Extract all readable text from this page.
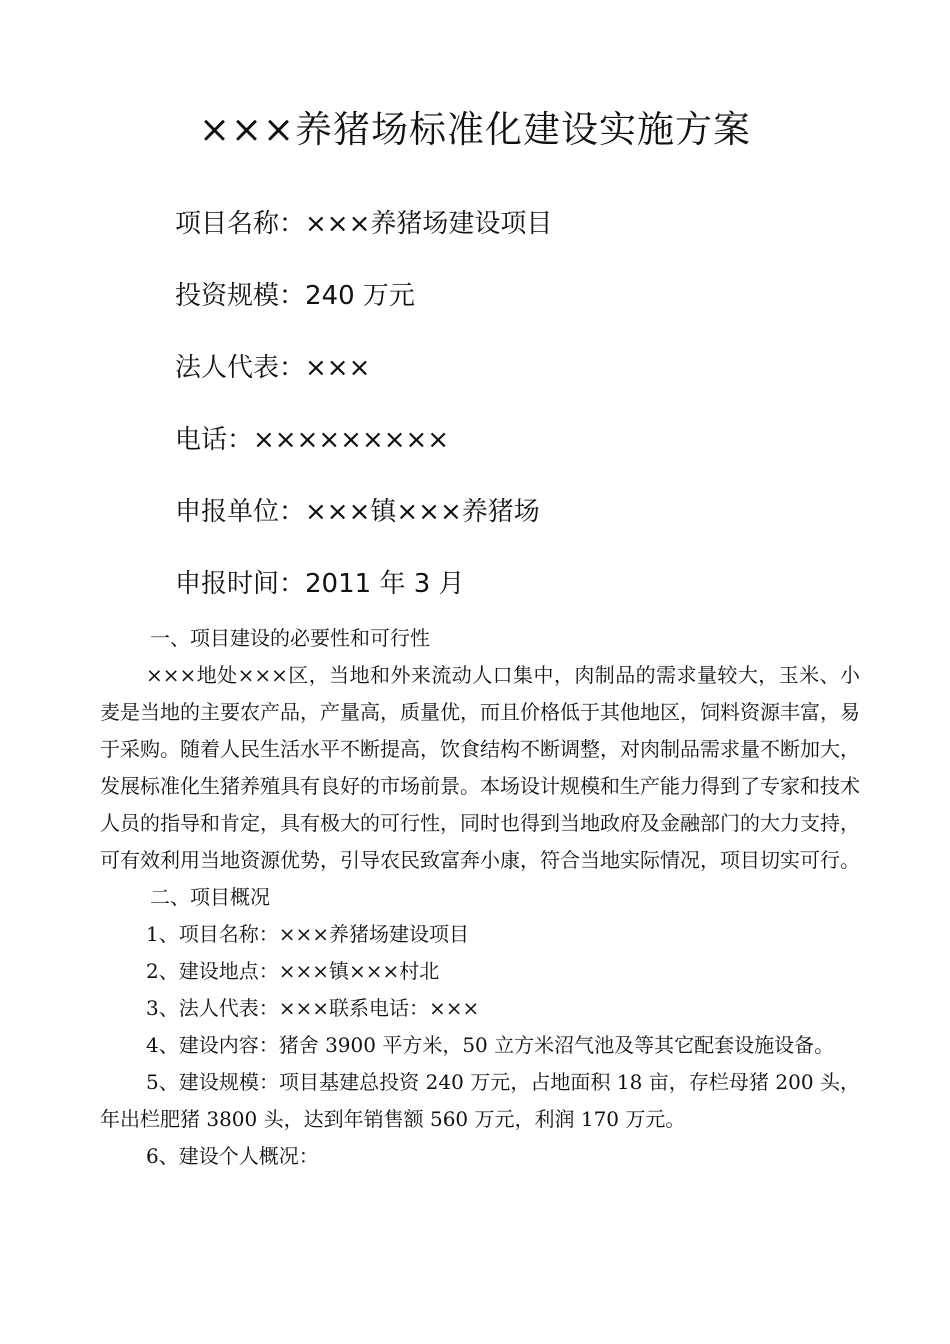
×××养猪场标准化建设实施方案
项目名称：×××养猪场建设项目
投资规模：240 万元
法人代表：×××
电话：×××××××××
申报单位：×××镇×××养猪场
申报时间：2011 年 3 月

一、项目建设的必要性和可行性

×××地处×××区，当地和外来流动人口集中，肉制品的需求量较大，玉米、小麦是当地的主要农产品，产量高，质量优，而且价格低于其他地区，饲料资源丰富，易于采购。随着人民生活水平不断提高，饮食结构不断调整，对肉制品需求量不断加大，发展标准化生猪养殖具有良好的市场前景。本场设计规模和生产能力得到了专家和技术人员的指导和肯定，具有极大的可行性，同时也得到当地政府及金融部门的大力支持，可有效利用当地资源优势，引导农民致富奔小康，符合当地实际情况，项目切实可行。

二、项目概况

1、项目名称：×××养猪场建设项目

2、建设地点：×××镇×××村北

3、法人代表：×××联系电话：×××

4、建设内容：猪舍 3900 平方米，50 立方米沼气池及等其它配套设施设备。

5、建设规模：项目基建总投资 240 万元，占地面积 18 亩，存栏母猪 200 头，年出栏肥猪 3800 头，达到年销售额 560 万元，利润 170 万元。

6、建设个人概况：
